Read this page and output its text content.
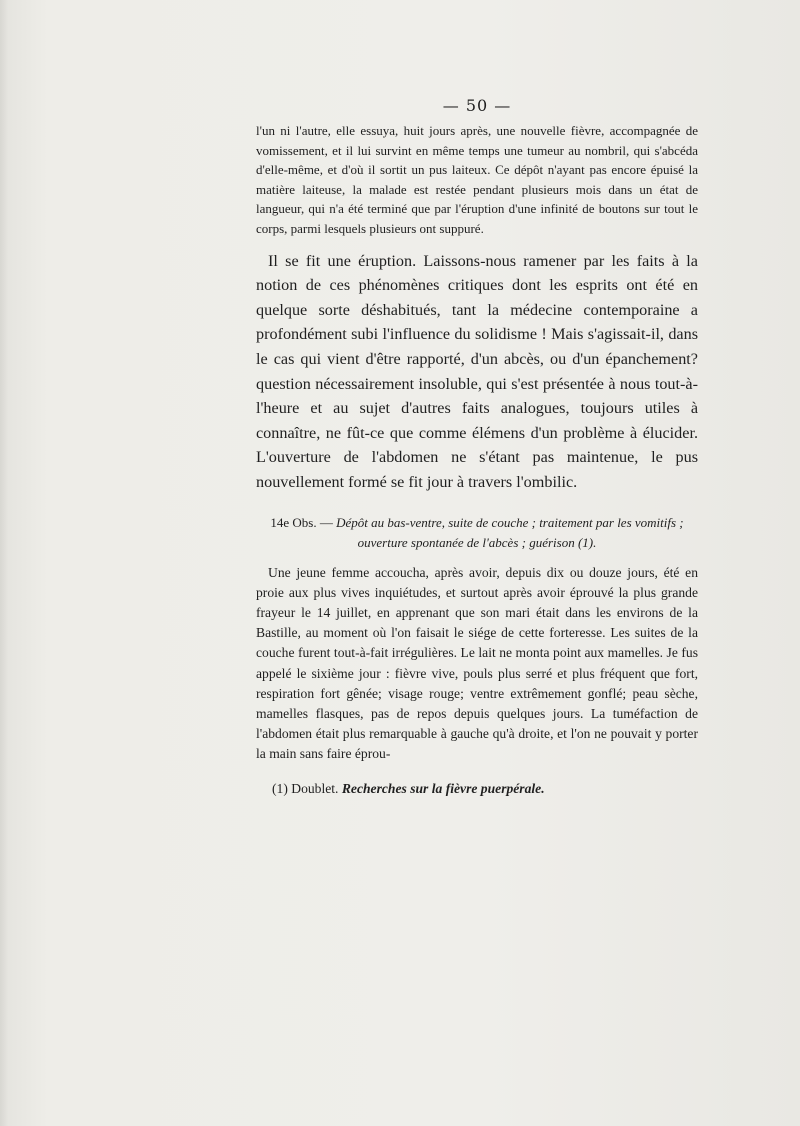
— 50 —

l'un ni l'autre, elle essuya, huit jours après, une nouvelle fièvre, accompagnée de vomissement, et il lui survint en même temps une tumeur au nombril, qui s'abcéda d'elle-même, et d'où il sortit un pus laiteux. Ce dépôt n'ayant pas encore épuisé la matière laiteuse, la malade est restée pendant plusieurs mois dans un état de langueur, qui n'a été terminé que par l'éruption d'une infinité de boutons sur tout le corps, parmi lesquels plusieurs ont suppuré.

Il se fit une éruption. Laissons-nous ramener par les faits à la notion de ces phénomènes critiques dont les esprits ont été en quelque sorte déshabitués, tant la médecine contemporaine a profondément subi l'influence du solidisme ! Mais s'agissait-il, dans le cas qui vient d'être rapporté, d'un abcès, ou d'un épanchement? question nécessairement insoluble, qui s'est présentée à nous tout-à-l'heure et au sujet d'autres faits analogues, toujours utiles à connaître, ne fût-ce que comme élémens d'un problème à élucider. L'ouverture de l'abdomen ne s'étant pas maintenue, le pus nouvellement formé se fit jour à travers l'ombilic.

14e Obs. — Dépôt au bas-ventre, suite de couche ; traitement par les vomitifs ; ouverture spontanée de l'abcès ; guérison (1).

Une jeune femme accoucha, après avoir, depuis dix ou douze jours, été en proie aux plus vives inquiétudes, et surtout après avoir éprouvé la plus grande frayeur le 14 juillet, en apprenant que son mari était dans les environs de la Bastille, au moment où l'on faisait le siége de cette forteresse. Les suites de la couche furent tout-à-fait irrégulières. Le lait ne monta point aux mamelles. Je fus appelé le sixième jour : fièvre vive, pouls plus serré et plus fréquent que fort, respiration fort gênée; visage rouge; ventre extrêmement gonflé; peau sèche, mamelles flasques, pas de repos depuis quelques jours. La tuméfaction de l'abdomen était plus remarquable à gauche qu'à droite, et l'on ne pouvait y porter la main sans faire éprou-

(1) Doublet. Recherches sur la fièvre puerpérale.
